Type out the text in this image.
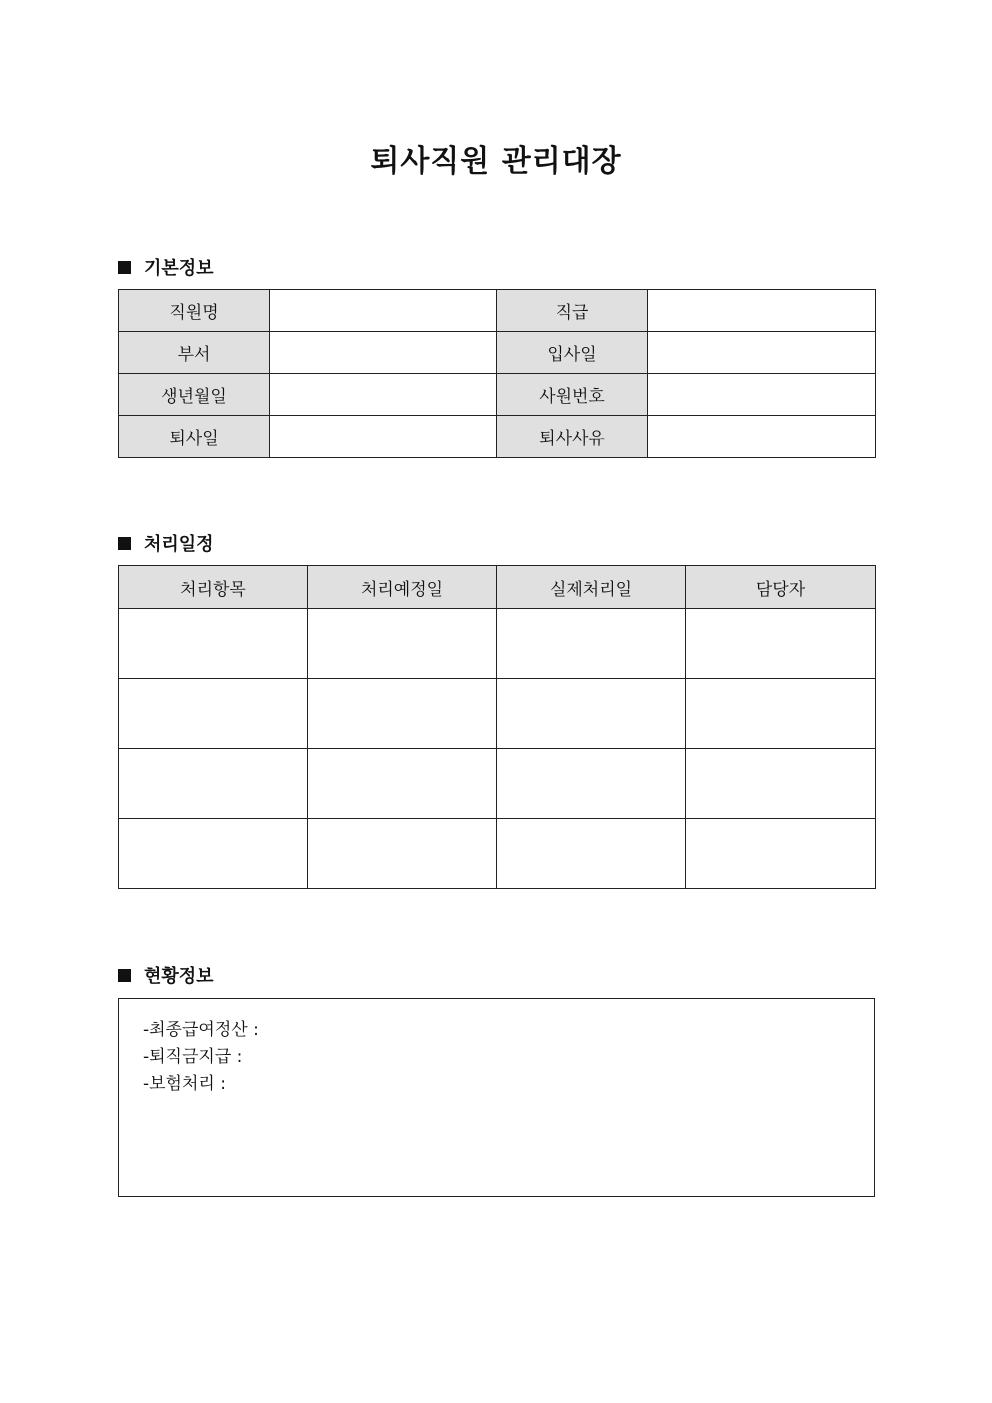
퇴사직원 관리대장
기본정보
직원명		직급	
부서		입사일	
생년월일		사원번호	
퇴사일		퇴사사유	
처리일정
처리항목	처리예정일	실제처리일	담당자

현황정보
-최종급여정산 :
-퇴직금지급 :
-보험처리 :
